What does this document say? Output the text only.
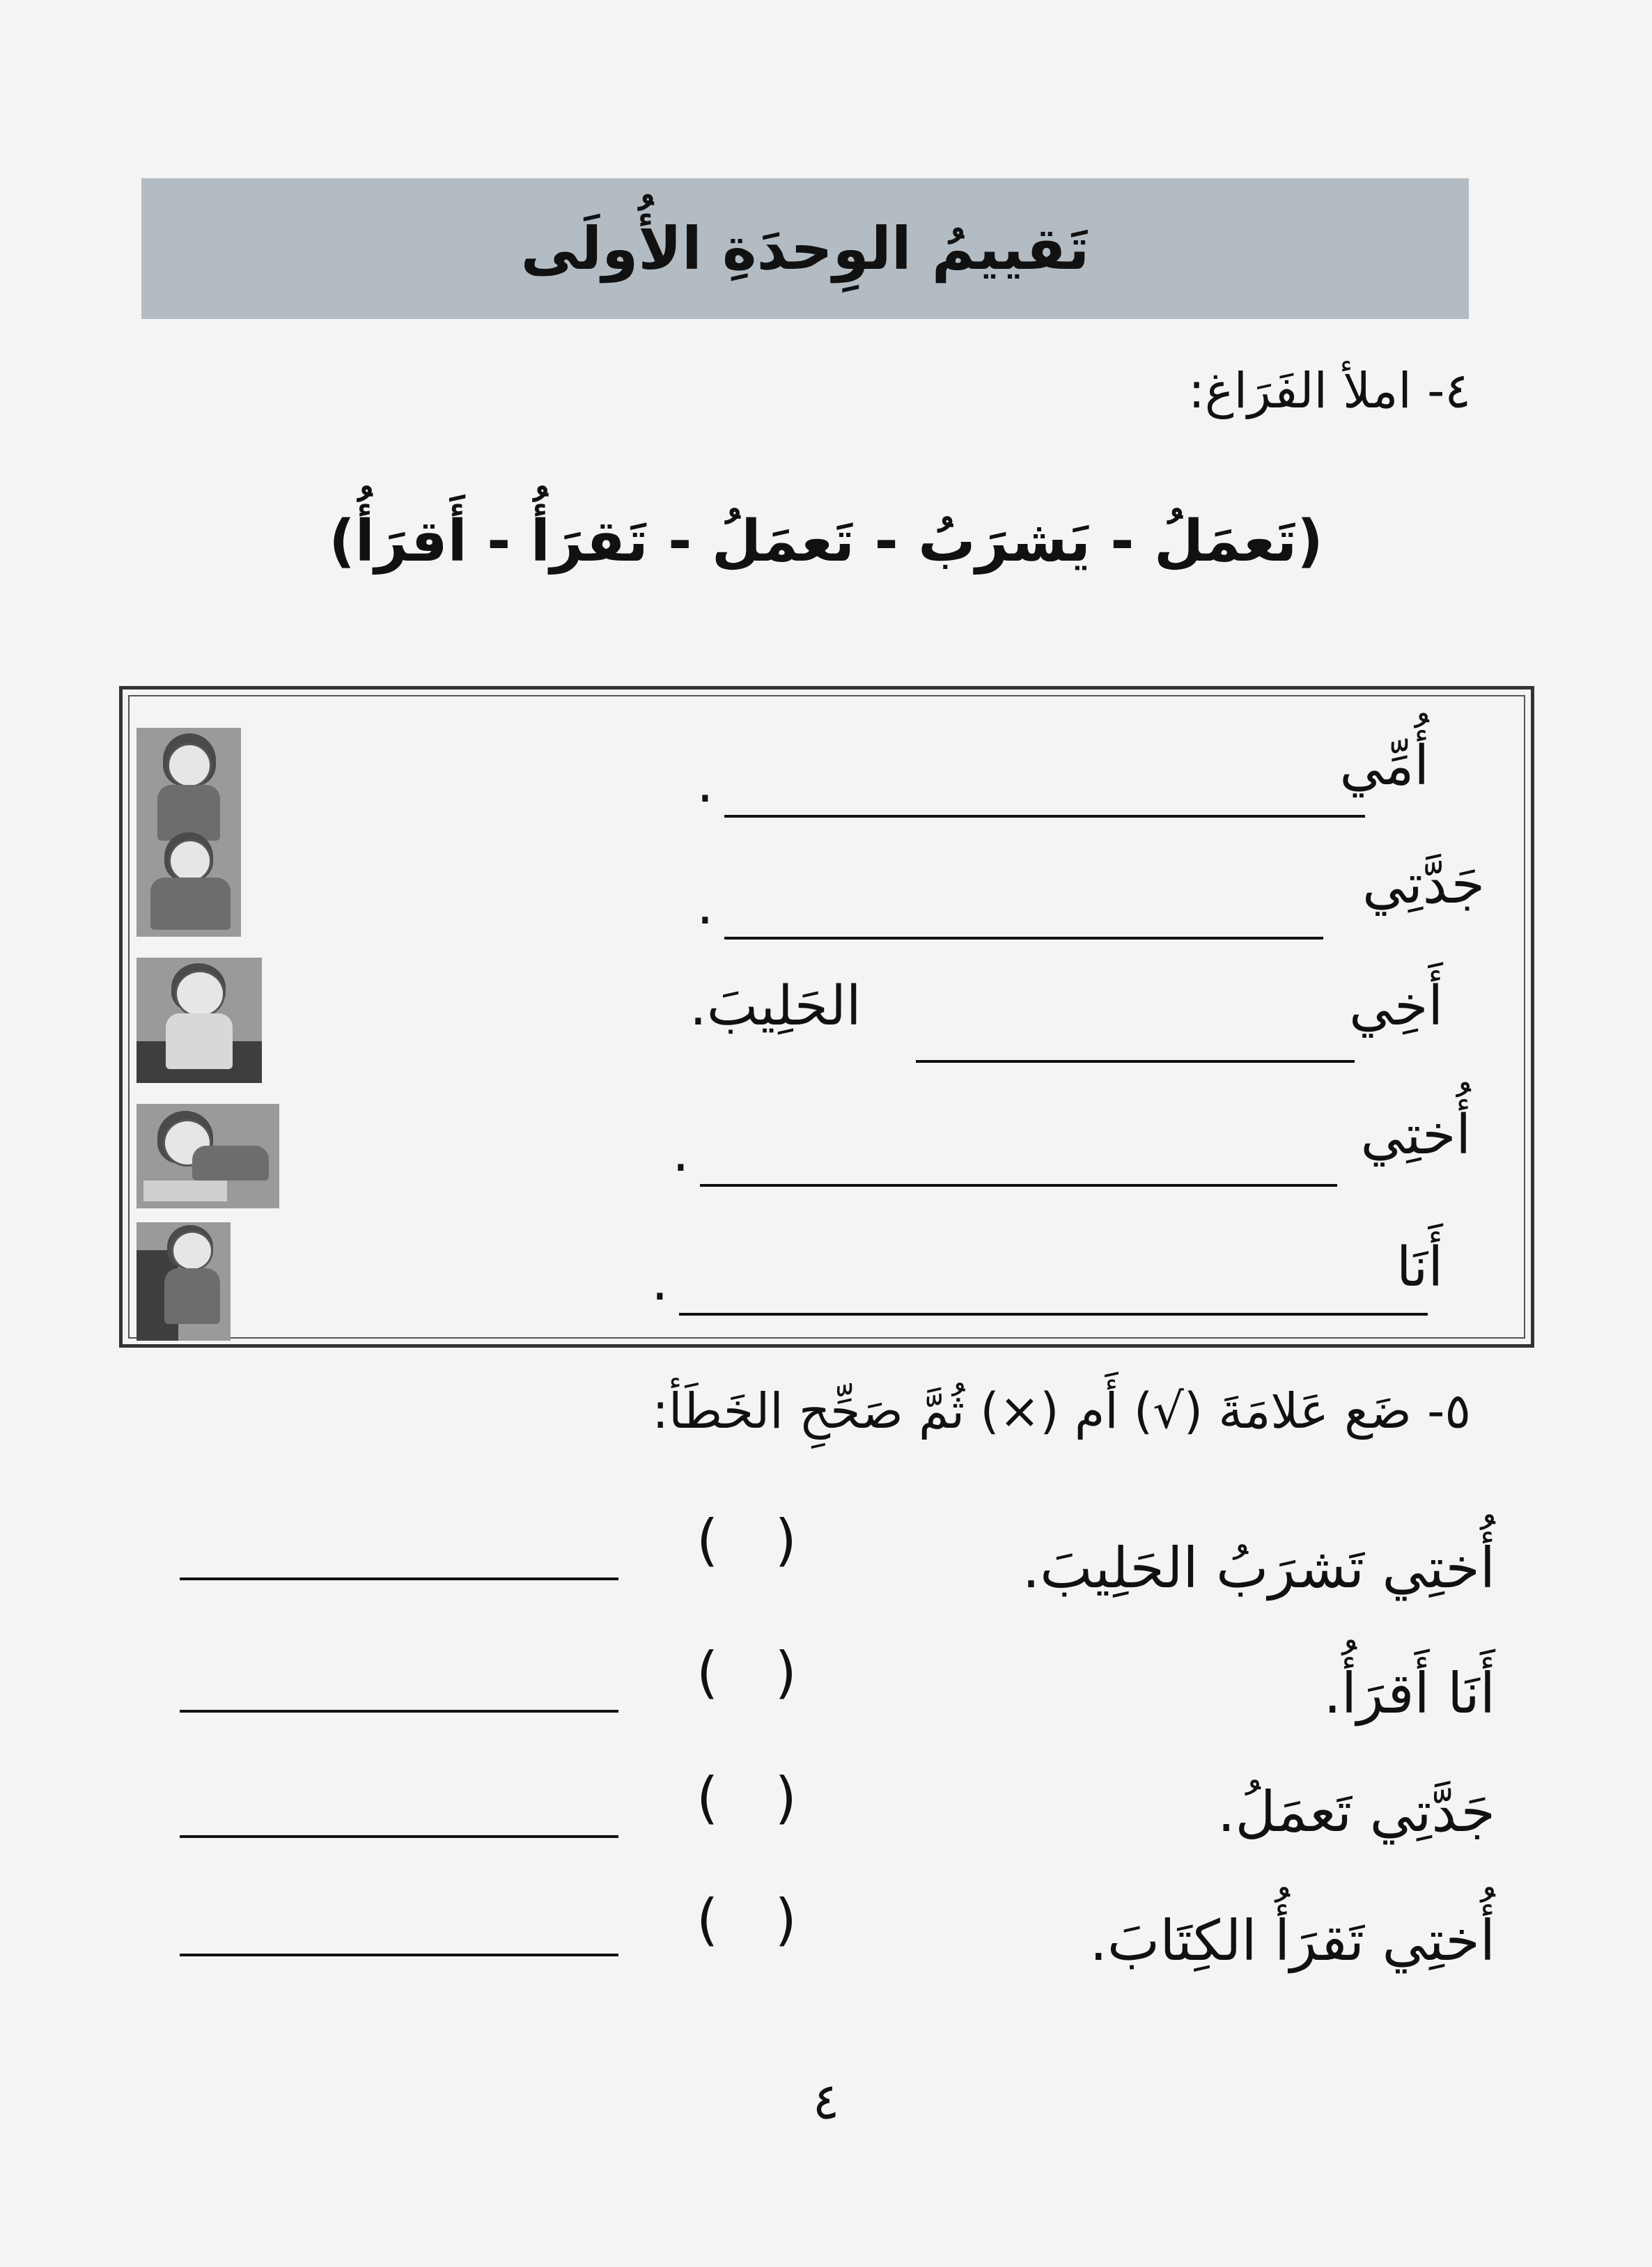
تَقييمُ الوِحدَةِ الأُولَى
٤- املأ الفَرَاغ:
(تَعمَلُ - يَشرَبُ - تَعمَلُ - تَقرَأُ - أَقرَأُ)
أُمِّي
.
جَدَّتِي
.
أَخِي
الحَلِيبَ.
أُختِي
.
أَنَا
.
٥- ضَع عَلامَةَ (√) أَم (×) ثُمَّ صَحِّحِ الخَطَأ:
أُختِي تَشرَبُ الحَلِيبَ.
( )
أَنَا أَقرَأُ.
( )
جَدَّتِي تَعمَلُ.
( )
أُختِي تَقرَأُ الكِتَابَ.
( )
٤
